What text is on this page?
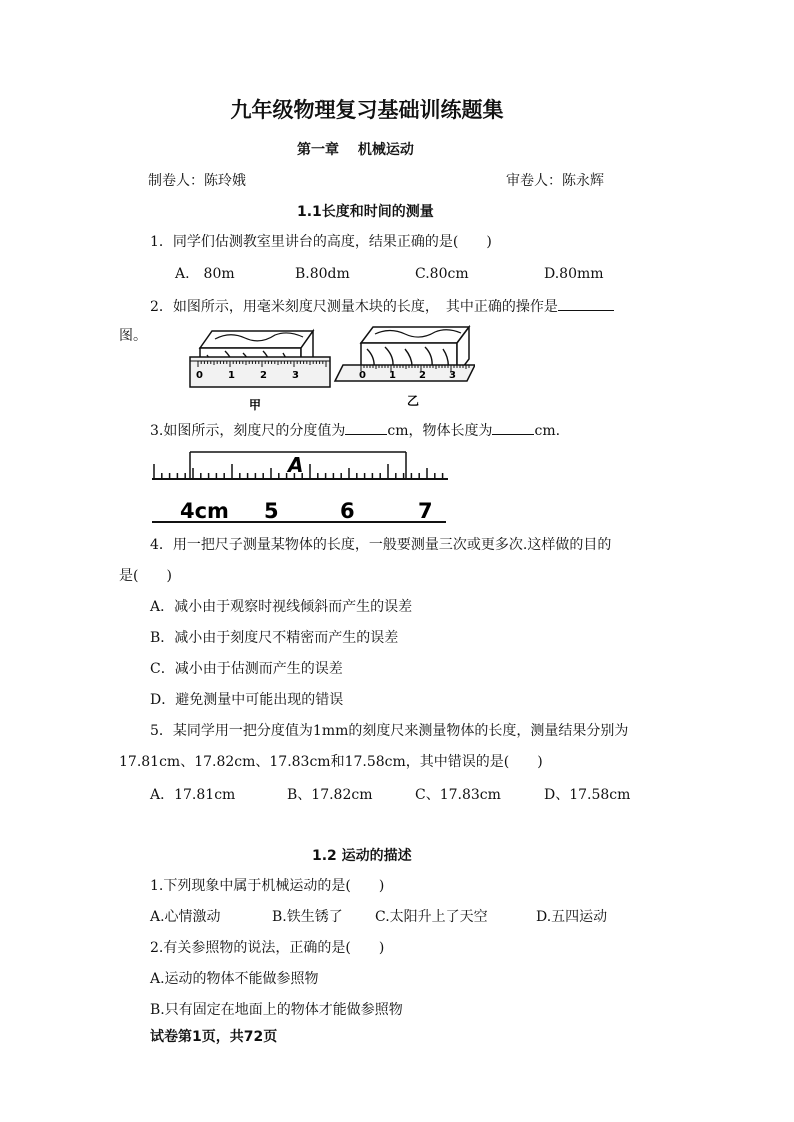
九年级物理复习基础训练题集
第一章　 机械运动
制卷人：陈玲娥	审卷人：陈永辉
1.1长度和时间的测量
1．同学们估测教室里讲台的高度，结果正确的是(　　)
A.　80m	B.80dm	C.80cm	D.80mm
2．如图所示，用毫米刻度尺测量木块的长度，　其中正确的操作是
图。
0	1	2	3
甲
0 1 2 3
乙
3.如图所示，刻度尺的分度值为	cm，物体长度为	cm.
A
4cm 5	6	7
4．用一把尺子测量某物体的长度，一般要测量三次或更多次.这样做的目的
是(　　)
A．减小由于观察时视线倾斜而产生的误差
B．减小由于刻度尺不精密而产生的误差
C．减小由于估测而产生的误差
D．避免测量中可能出现的错误
5．某同学用一把分度值为1mm的刻度尺来测量物体的长度，测量结果分别为
17.81cm、17.82cm、17.83cm和17.58cm，其中错误的是(　　)
A．17.81cm	B、17.82cm	C、17.83cm	D、17.58cm
1.2 运动的描述
1.下列现象中属于机械运动的是(　　)
A.心情激动	B.铁生锈了 C.太阳升上了天空	D.五四运动
2.有关参照物的说法，正确的是(　　)
A.运动的物体不能做参照物
B.只有固定在地面上的物体才能做参照物
试卷第1页，共72页
